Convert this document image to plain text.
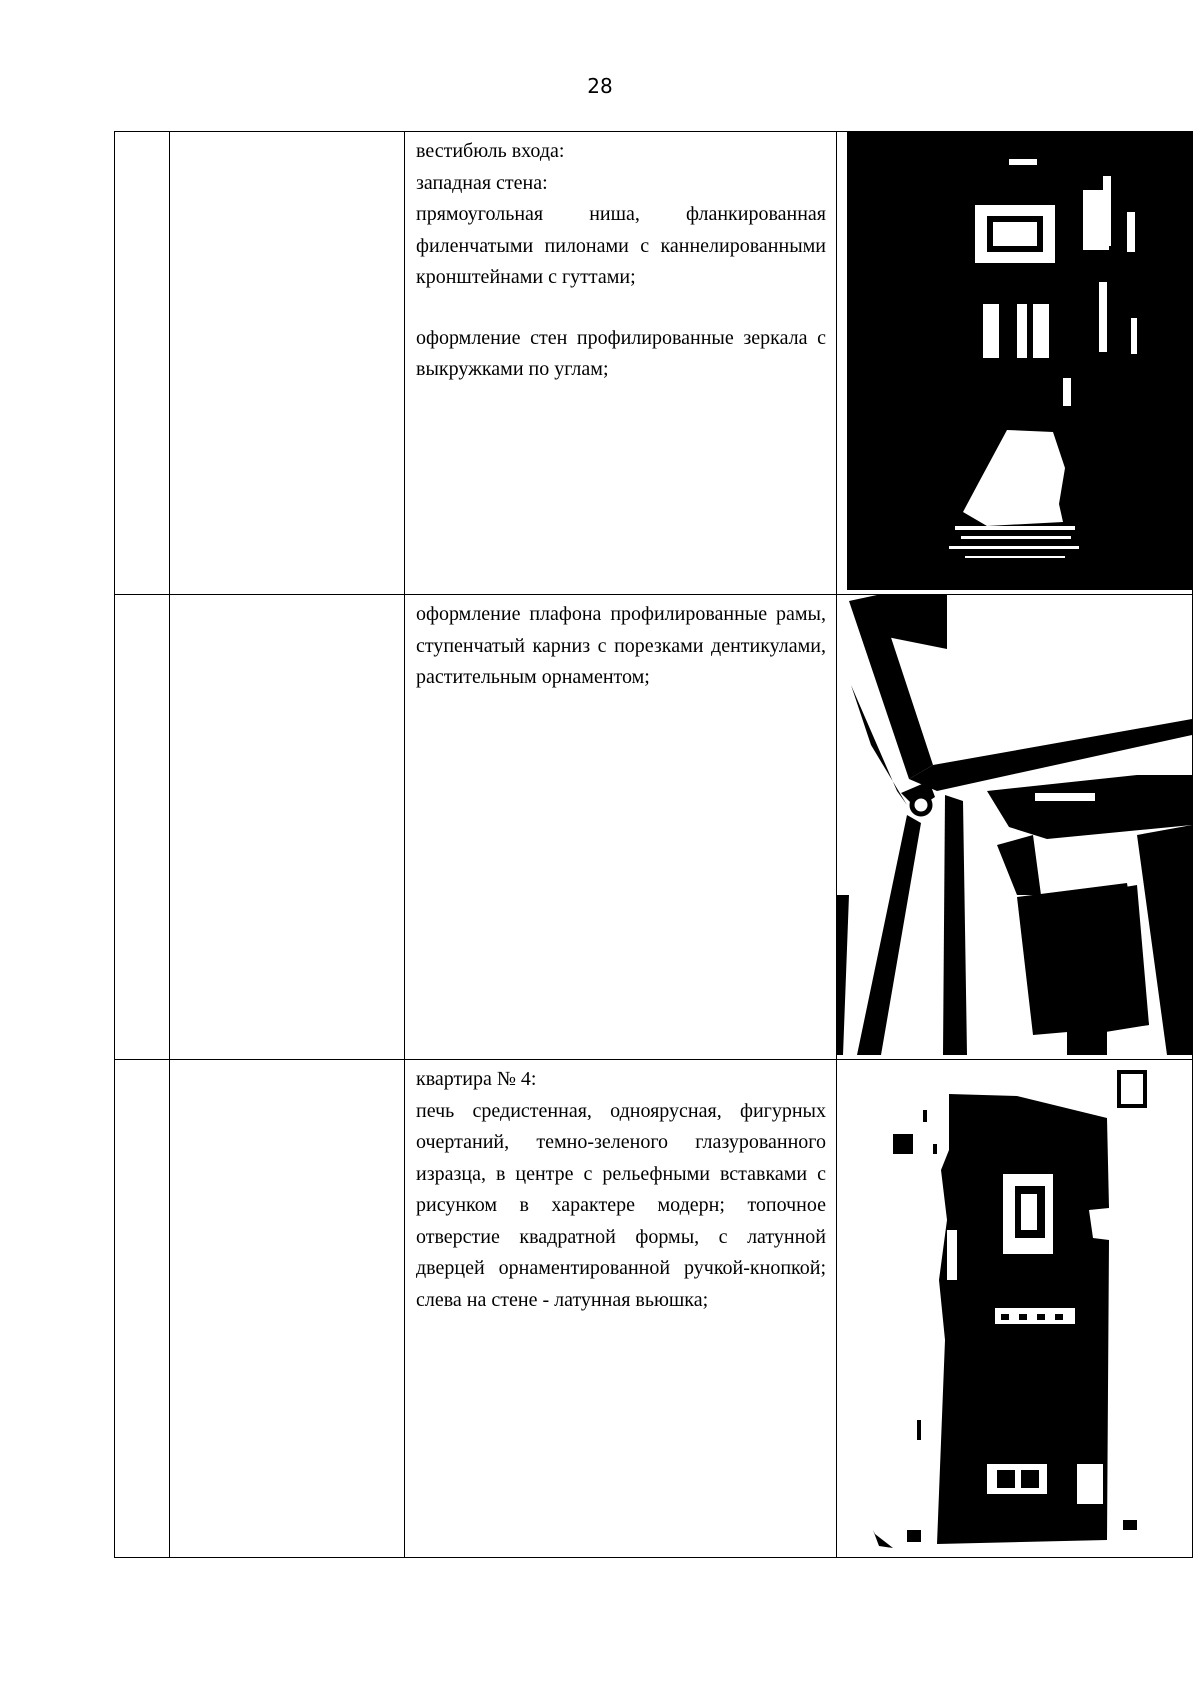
28

		вестибюль входа:

западная стена:

прямоугольная ниша, фланкированная филенчатыми пилонами с каннелированными кронштейнами с гуттами;

оформление стен профилированные зеркала с выкружками по углам;

		оформление плафона профилированные рамы, ступенчатый карниз с порезками дентикулами, растительным орнаментом;

		квартира № 4:

печь средистенная, одноярусная, фигурных очертаний, темно-зеленого глазурованного изразца, в центре с рельефными вставками с рисунком в характере модерн; топочное отверстие квадратной формы, с латунной дверцей орнаментированной ручкой-кнопкой; слева на стене - латунная вьюшка;
